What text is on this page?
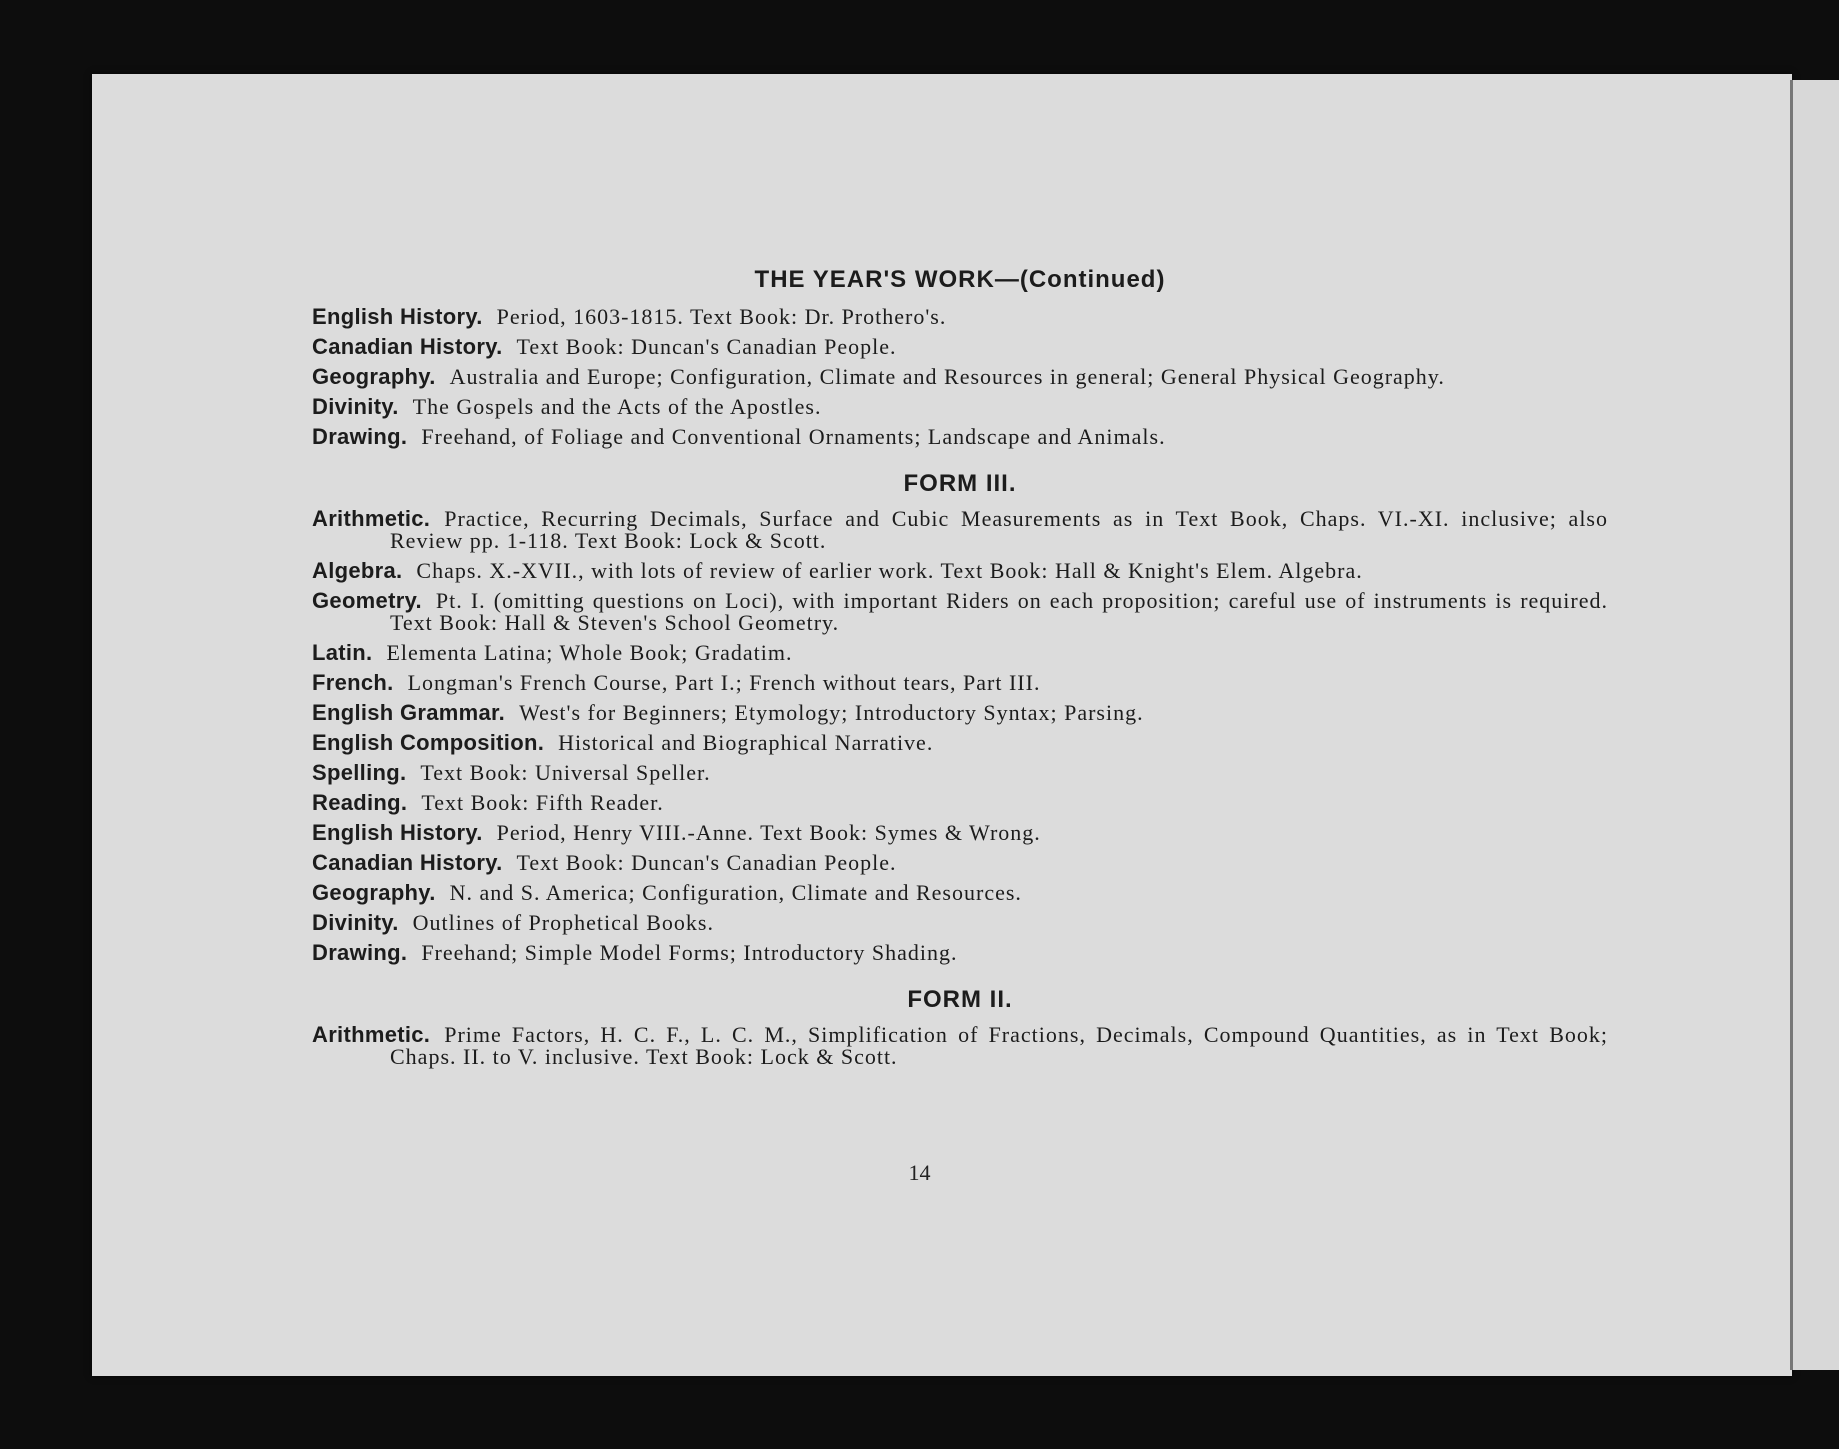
THE YEAR'S WORK—(Continued)
English History. Period, 1603-1815. Text Book: Dr. Prothero's.
Canadian History. Text Book: Duncan's Canadian People.
Geography. Australia and Europe; Configuration, Climate and Resources in general; General Physical Geography.
Divinity. The Gospels and the Acts of the Apostles.
Drawing. Freehand, of Foliage and Conventional Ornaments; Landscape and Animals.
FORM III.
Arithmetic. Practice, Recurring Decimals, Surface and Cubic Measurements as in Text Book, Chaps. VI.-XI. inclusive; also Review pp. 1-118. Text Book: Lock & Scott.
Algebra. Chaps. X.-XVII., with lots of review of earlier work. Text Book: Hall & Knight's Elem. Algebra.
Geometry. Pt. I. (omitting questions on Loci), with important Riders on each proposition; careful use of instruments is required. Text Book: Hall & Steven's School Geometry.
Latin. Elementa Latina; Whole Book; Gradatim.
French. Longman's French Course, Part I.; French without tears, Part III.
English Grammar. West's for Beginners; Etymology; Introductory Syntax; Parsing.
English Composition. Historical and Biographical Narrative.
Spelling. Text Book: Universal Speller.
Reading. Text Book: Fifth Reader.
English History. Period, Henry VIII.-Anne. Text Book: Symes & Wrong.
Canadian History. Text Book: Duncan's Canadian People.
Geography. N. and S. America; Configuration, Climate and Resources.
Divinity. Outlines of Prophetical Books.
Drawing. Freehand; Simple Model Forms; Introductory Shading.
FORM II.
Arithmetic. Prime Factors, H. C. F., L. C. M., Simplification of Fractions, Decimals, Compound Quantities, as in Text Book; Chaps. II. to V. inclusive. Text Book: Lock & Scott.
14
